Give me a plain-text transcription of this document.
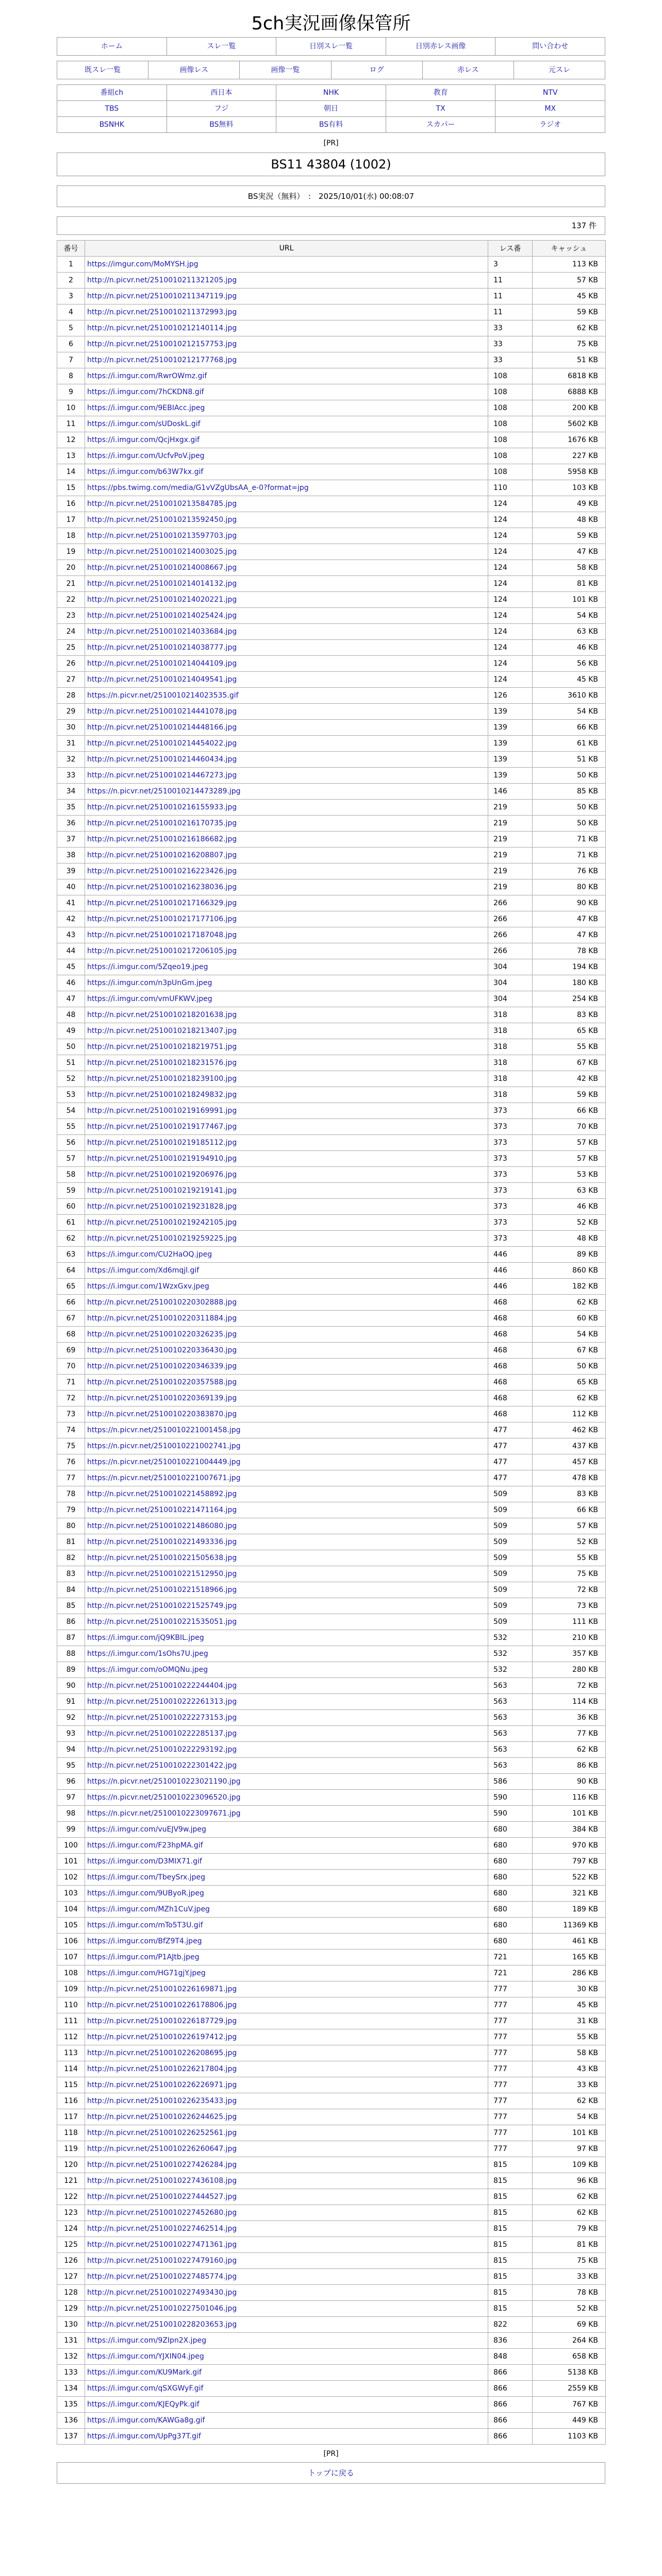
5ch実況画像保管所
ホーム	スレ一覧	日別スレ一覧	日別赤レス画像	問い合わせ
既スレ一覧	画像レス	画像一覧	ログ	赤レス	元スレ
番組ch	西日本	NHK	教育	NTV
TBS	フジ	朝日	TX	MX
BSNHK	BS無料	BS有料	スカパー	ラジオ
[PR]
BS11 43804 (1002)
BS実況（無料）　:　2025/10/01(水) 00:08:07
137 件
番号	URL	レス番	キャッシュ
1	https://imgur.com/MoMYSH.jpg	3	113 KB
2	http://n.picvr.net/2510010211321205.jpg	11	57 KB
3	http://n.picvr.net/2510010211347119.jpg	11	45 KB
4	http://n.picvr.net/2510010211372993.jpg	11	59 KB
5	http://n.picvr.net/2510010212140114.jpg	33	62 KB
6	http://n.picvr.net/2510010212157753.jpg	33	75 KB
7	http://n.picvr.net/2510010212177768.jpg	33	51 KB
8	https://i.imgur.com/RwrOWmz.gif	108	6818 KB
9	https://i.imgur.com/7hCKDN8.gif	108	6888 KB
10	https://i.imgur.com/9EBIAcc.jpeg	108	200 KB
11	https://i.imgur.com/sUDoskL.gif	108	5602 KB
12	https://i.imgur.com/QcjHxgx.gif	108	1676 KB
13	https://i.imgur.com/UcfvPoV.jpeg	108	227 KB
14	https://i.imgur.com/b63W7kx.gif	108	5958 KB
15	https://pbs.twimg.com/media/G1vVZgUbsAA_e-0?format=jpg	110	103 KB
16	http://n.picvr.net/2510010213584785.jpg	124	49 KB
17	http://n.picvr.net/2510010213592450.jpg	124	48 KB
18	http://n.picvr.net/2510010213597703.jpg	124	59 KB
19	http://n.picvr.net/2510010214003025.jpg	124	47 KB
20	http://n.picvr.net/2510010214008667.jpg	124	58 KB
21	http://n.picvr.net/2510010214014132.jpg	124	81 KB
22	http://n.picvr.net/2510010214020221.jpg	124	101 KB
23	http://n.picvr.net/2510010214025424.jpg	124	54 KB
24	http://n.picvr.net/2510010214033684.jpg	124	63 KB
25	http://n.picvr.net/2510010214038777.jpg	124	46 KB
26	http://n.picvr.net/2510010214044109.jpg	124	56 KB
27	http://n.picvr.net/2510010214049541.jpg	124	45 KB
28	https://n.picvr.net/2510010214023535.gif	126	3610 KB
29	http://n.picvr.net/2510010214441078.jpg	139	54 KB
30	http://n.picvr.net/2510010214448166.jpg	139	66 KB
31	http://n.picvr.net/2510010214454022.jpg	139	61 KB
32	http://n.picvr.net/2510010214460434.jpg	139	51 KB
33	http://n.picvr.net/2510010214467273.jpg	139	50 KB
34	https://n.picvr.net/2510010214473289.jpg	146	85 KB
35	http://n.picvr.net/2510010216155933.jpg	219	50 KB
36	http://n.picvr.net/2510010216170735.jpg	219	50 KB
37	http://n.picvr.net/2510010216186682.jpg	219	71 KB
38	http://n.picvr.net/2510010216208807.jpg	219	71 KB
39	http://n.picvr.net/2510010216223426.jpg	219	76 KB
40	http://n.picvr.net/2510010216238036.jpg	219	80 KB
41	http://n.picvr.net/2510010217166329.jpg	266	90 KB
42	http://n.picvr.net/2510010217177106.jpg	266	47 KB
43	http://n.picvr.net/2510010217187048.jpg	266	47 KB
44	http://n.picvr.net/2510010217206105.jpg	266	78 KB
45	https://i.imgur.com/5Zqeo19.jpeg	304	194 KB
46	https://i.imgur.com/n3pUnGm.jpeg	304	180 KB
47	https://i.imgur.com/vmUFKWV.jpeg	304	254 KB
48	http://n.picvr.net/2510010218201638.jpg	318	83 KB
49	http://n.picvr.net/2510010218213407.jpg	318	65 KB
50	http://n.picvr.net/2510010218219751.jpg	318	55 KB
51	http://n.picvr.net/2510010218231576.jpg	318	67 KB
52	http://n.picvr.net/2510010218239100.jpg	318	42 KB
53	http://n.picvr.net/2510010218249832.jpg	318	59 KB
54	http://n.picvr.net/2510010219169991.jpg	373	66 KB
55	http://n.picvr.net/2510010219177467.jpg	373	70 KB
56	http://n.picvr.net/2510010219185112.jpg	373	57 KB
57	http://n.picvr.net/2510010219194910.jpg	373	57 KB
58	http://n.picvr.net/2510010219206976.jpg	373	53 KB
59	http://n.picvr.net/2510010219219141.jpg	373	63 KB
60	http://n.picvr.net/2510010219231828.jpg	373	46 KB
61	http://n.picvr.net/2510010219242105.jpg	373	52 KB
62	http://n.picvr.net/2510010219259225.jpg	373	48 KB
63	https://i.imgur.com/CU2HaOQ.jpeg	446	89 KB
64	https://i.imgur.com/Xd6mqjl.gif	446	860 KB
65	https://i.imgur.com/1WzxGxv.jpeg	446	182 KB
66	http://n.picvr.net/2510010220302888.jpg	468	62 KB
67	http://n.picvr.net/2510010220311884.jpg	468	60 KB
68	http://n.picvr.net/2510010220326235.jpg	468	54 KB
69	http://n.picvr.net/2510010220336430.jpg	468	67 KB
70	http://n.picvr.net/2510010220346339.jpg	468	50 KB
71	http://n.picvr.net/2510010220357588.jpg	468	65 KB
72	http://n.picvr.net/2510010220369139.jpg	468	62 KB
73	http://n.picvr.net/2510010220383870.jpg	468	112 KB
74	https://n.picvr.net/2510010221001458.jpg	477	462 KB
75	https://n.picvr.net/2510010221002741.jpg	477	437 KB
76	https://n.picvr.net/2510010221004449.jpg	477	457 KB
77	https://n.picvr.net/2510010221007671.jpg	477	478 KB
78	http://n.picvr.net/2510010221458892.jpg	509	83 KB
79	http://n.picvr.net/2510010221471164.jpg	509	66 KB
80	http://n.picvr.net/2510010221486080.jpg	509	57 KB
81	http://n.picvr.net/2510010221493336.jpg	509	52 KB
82	http://n.picvr.net/2510010221505638.jpg	509	55 KB
83	http://n.picvr.net/2510010221512950.jpg	509	75 KB
84	http://n.picvr.net/2510010221518966.jpg	509	72 KB
85	http://n.picvr.net/2510010221525749.jpg	509	73 KB
86	http://n.picvr.net/2510010221535051.jpg	509	111 KB
87	https://i.imgur.com/jQ9KBIL.jpeg	532	210 KB
88	https://i.imgur.com/1sOhs7U.jpeg	532	357 KB
89	https://i.imgur.com/oOMQNu.jpeg	532	280 KB
90	http://n.picvr.net/2510010222244404.jpg	563	72 KB
91	http://n.picvr.net/2510010222261313.jpg	563	114 KB
92	http://n.picvr.net/2510010222273153.jpg	563	36 KB
93	http://n.picvr.net/2510010222285137.jpg	563	77 KB
94	http://n.picvr.net/2510010222293192.jpg	563	62 KB
95	http://n.picvr.net/2510010222301422.jpg	563	86 KB
96	https://n.picvr.net/2510010223021190.jpg	586	90 KB
97	https://n.picvr.net/2510010223096520.jpg	590	116 KB
98	https://n.picvr.net/2510010223097671.jpg	590	101 KB
99	https://i.imgur.com/vuEJV9w.jpeg	680	384 KB
100	https://i.imgur.com/F23hpMA.gif	680	970 KB
101	https://i.imgur.com/D3MIX71.gif	680	797 KB
102	https://i.imgur.com/TbeySrx.jpeg	680	522 KB
103	https://i.imgur.com/9UByoR.jpeg	680	321 KB
104	https://i.imgur.com/MZh1CuV.jpeg	680	189 KB
105	https://i.imgur.com/mTo5T3U.gif	680	11369 KB
106	https://i.imgur.com/BfZ9T4.jpeg	680	461 KB
107	https://i.imgur.com/P1AJtb.jpeg	721	165 KB
108	https://i.imgur.com/HG71gjY.jpeg	721	286 KB
109	http://n.picvr.net/2510010226169871.jpg	777	30 KB
110	http://n.picvr.net/2510010226178806.jpg	777	45 KB
111	http://n.picvr.net/2510010226187729.jpg	777	31 KB
112	http://n.picvr.net/2510010226197412.jpg	777	55 KB
113	http://n.picvr.net/2510010226208695.jpg	777	58 KB
114	http://n.picvr.net/2510010226217804.jpg	777	43 KB
115	http://n.picvr.net/2510010226226971.jpg	777	33 KB
116	http://n.picvr.net/2510010226235433.jpg	777	62 KB
117	http://n.picvr.net/2510010226244625.jpg	777	54 KB
118	http://n.picvr.net/2510010226252561.jpg	777	101 KB
119	http://n.picvr.net/2510010226260647.jpg	777	97 KB
120	http://n.picvr.net/2510010227426284.jpg	815	109 KB
121	http://n.picvr.net/2510010227436108.jpg	815	96 KB
122	http://n.picvr.net/2510010227444527.jpg	815	62 KB
123	http://n.picvr.net/2510010227452680.jpg	815	62 KB
124	http://n.picvr.net/2510010227462514.jpg	815	79 KB
125	http://n.picvr.net/2510010227471361.jpg	815	81 KB
126	http://n.picvr.net/2510010227479160.jpg	815	75 KB
127	http://n.picvr.net/2510010227485774.jpg	815	33 KB
128	http://n.picvr.net/2510010227493430.jpg	815	78 KB
129	http://n.picvr.net/2510010227501046.jpg	815	52 KB
130	http://n.picvr.net/2510010228203653.jpg	822	69 KB
131	https://i.imgur.com/9ZIpn2X.jpeg	836	264 KB
132	https://i.imgur.com/YJXIN04.jpeg	848	658 KB
133	https://i.imgur.com/KU9Mark.gif	866	5138 KB
134	https://i.imgur.com/qSXGWyF.gif	866	2559 KB
135	https://i.imgur.com/KJEQyPk.gif	866	767 KB
136	https://i.imgur.com/KAWGa8g.gif	866	449 KB
137	https://i.imgur.com/UpPg37T.gif	866	1103 KB
[PR]
トップに戻る
